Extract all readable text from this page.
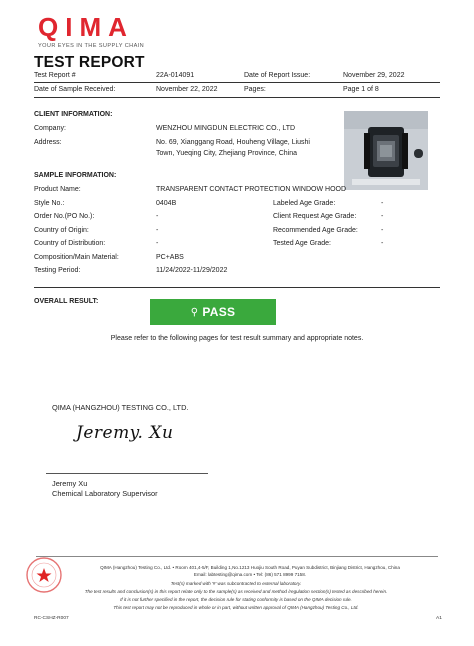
QIMA
YOUR EYES IN THE SUPPLY CHAIN
TEST REPORT
Test Report #	22A-014091	Date of Report Issue:	November 29, 2022
Date of Sample Received:	November 22, 2022	Pages:	Page 1 of 8
CLIENT INFORMATION:
Company:	WENZHOU MINGDUN ELECTRIC CO., LTD
Address:	No. 69, Xianggang Road, Houheng Village, Liushi
Town, Yueqing City, Zhejiang Province, China
SAMPLE INFORMATION:
Product Name:	TRANSPARENT CONTACT PROTECTION WINDOW HOOD
Style No.:	0404B	Labeled Age Grade:	-
Order No.(PO No.):	-	Client Request Age Grade:	-
Country of Origin:	-	Recommended Age Grade:	-
Country of Distribution:	-	Tested Age Grade:	-
Composition/Main Material:	PC+ABS
Testing Period:	11/24/2022-11/29/2022
OVERALL RESULT:
⚲ PASS
Please refer to the following pages for test result summary and appropriate notes.
QIMA (HANGZHOU) TESTING CO., LTD.
Jeremy. Xu
Jeremy Xu
Chemical Laboratory Supervisor
QIMA (Hangzhou) Testing Co., Ltd. • Room 401,4-5/F, Building 1,No.1213 Huojiu South Road, Puyan Subdistrict, Binjiang District, Hangzhou, China
Email: labtesting@qima.com • Tel: (86) 571 8999 7158.
Test(s) marked with '#' was subcontracted to external laboratory.
The test results and conclusion(s) in this report relate only to the sample(s) as received and method /regulation section(s) tested as described herein.
If it is not further specified in the report, the decision rule for stating conformity is based on the QIMA decision rule.
This test report may not be reproduced in whole or in part, without written approval of QIMA (Hangzhou) Testing Co., Ltd.
RC-CSHZ-R007	A1
